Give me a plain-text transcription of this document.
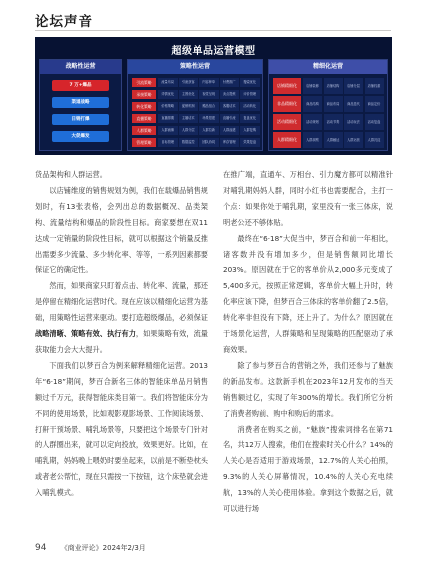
论坛声音
超级单品运营模型
战略性运营
7 万+爆品
渠道战略
日销打爆
大促爆发
策略性运营
引流策略	流量布局	引流获客	内容种草	付费推广	搜索优化
承接策略	详情优化	主图优化	视觉呈现	卖点提炼	评价管理
转化策略	价格策略	促销机制	赠品组合	客服话术	活动转化
直播策略	直播排期	主播话术	场景搭建	直播引流	复盘优化
人群策略	人群画像	人群分层	人群拉新	人群渗透	人群复购
管理策略	目标管理	数据监控	团队协同	库存管理	效果复盘
精细化运营
店铺精细化	店铺装修	店铺结构	店铺分层	店铺权重
非品精细化	商品结构	商品布局	商品迭代	商品定价
活动精细化	活动规划	活动节奏	活动玩法	活动复盘
人群精细化	人群洞察	人群触达	人群运营	人群沉淀

货品架构和人群运营。

以店铺维度的销售规划为例，我们在载爆品销售规划时，有13张表格，会列出总的数据概况、品类架构、流量结构和爆品的阶段性目标。商家要想在双11达成一定销量的阶段性目标，就可以根据这个销量反推出需要多少流量、多少转化率、等等，一系列因素都要保证它的确定性。

然而，如果商家只盯着点击、转化率、流量，那还是停留在精细化运营时代。现在应该以精细化运营为基础，用策略性运营来驱动。要打造超级爆品，必须保证战略清晰、策略有效、执行有力，如果策略有效，流量获取能力会大大提升。

下面我们以梦百合为例来解释精细化运营。2013年“6·18”期间，梦百合新名三体的智能床单品月销售额过千万元，获得智能床类目第一。我们将智能床分为不同的使用场景，比如观影观影场景、工作阅读场景、打鼾干预场景、哺乳场景等，只要把这个场景专门针对的人群圈出来，就可以定向投放，效果更好。比如，在哺乳期，妈妈晚上喂奶时要坐起来，以前是不断垫枕头或者老公帮忙，现在只需按一下按钮，这个床垫就会进入哺乳模式。

在推广端，直通车、万相台、引力魔方都可以精准针对哺乳期妈妈人群，同时小红书也需要配合，主打一个点：如果你处于哺乳期，家里没有一张三体床，说明老公还不够体贴。

最终在“6·18”大促当中，梦百合和前一年相比，诸客数并没有增加多少，但是销售额同比增长203%。原因就在于它的客单价从2,000多元变成了5,400多元，按照正常逻辑，客单价大幅上升时，转化率应该下降，但梦百合三体床的客单价翻了2.5倍，转化率非但没有下降，还上升了。为什么？原因就在于场景化运营，人群策略和呈现策略的匹配驱动了承商效果。

除了参与梦百合的营销之外，我们还参与了魅族的新品发布。这款新手机在2023年12月发布的当天销售额过亿，实现了年300%的增长。我们所它分析了消费者购前、购中和购后的需求。

消费者在购买之前，“魅族”搜索词排名在第71名，共12万人搜索，他们在搜索时关心什么？14%的人关心是否适用于游戏场景，12.7%的人关心拍照，9.3%的人关心屏幕情况，10.4%的人关心充电续航，13%的人关心使用体验。拿到这个数据之后，就可以进行场

94 《商业评论》2024年2/3月
